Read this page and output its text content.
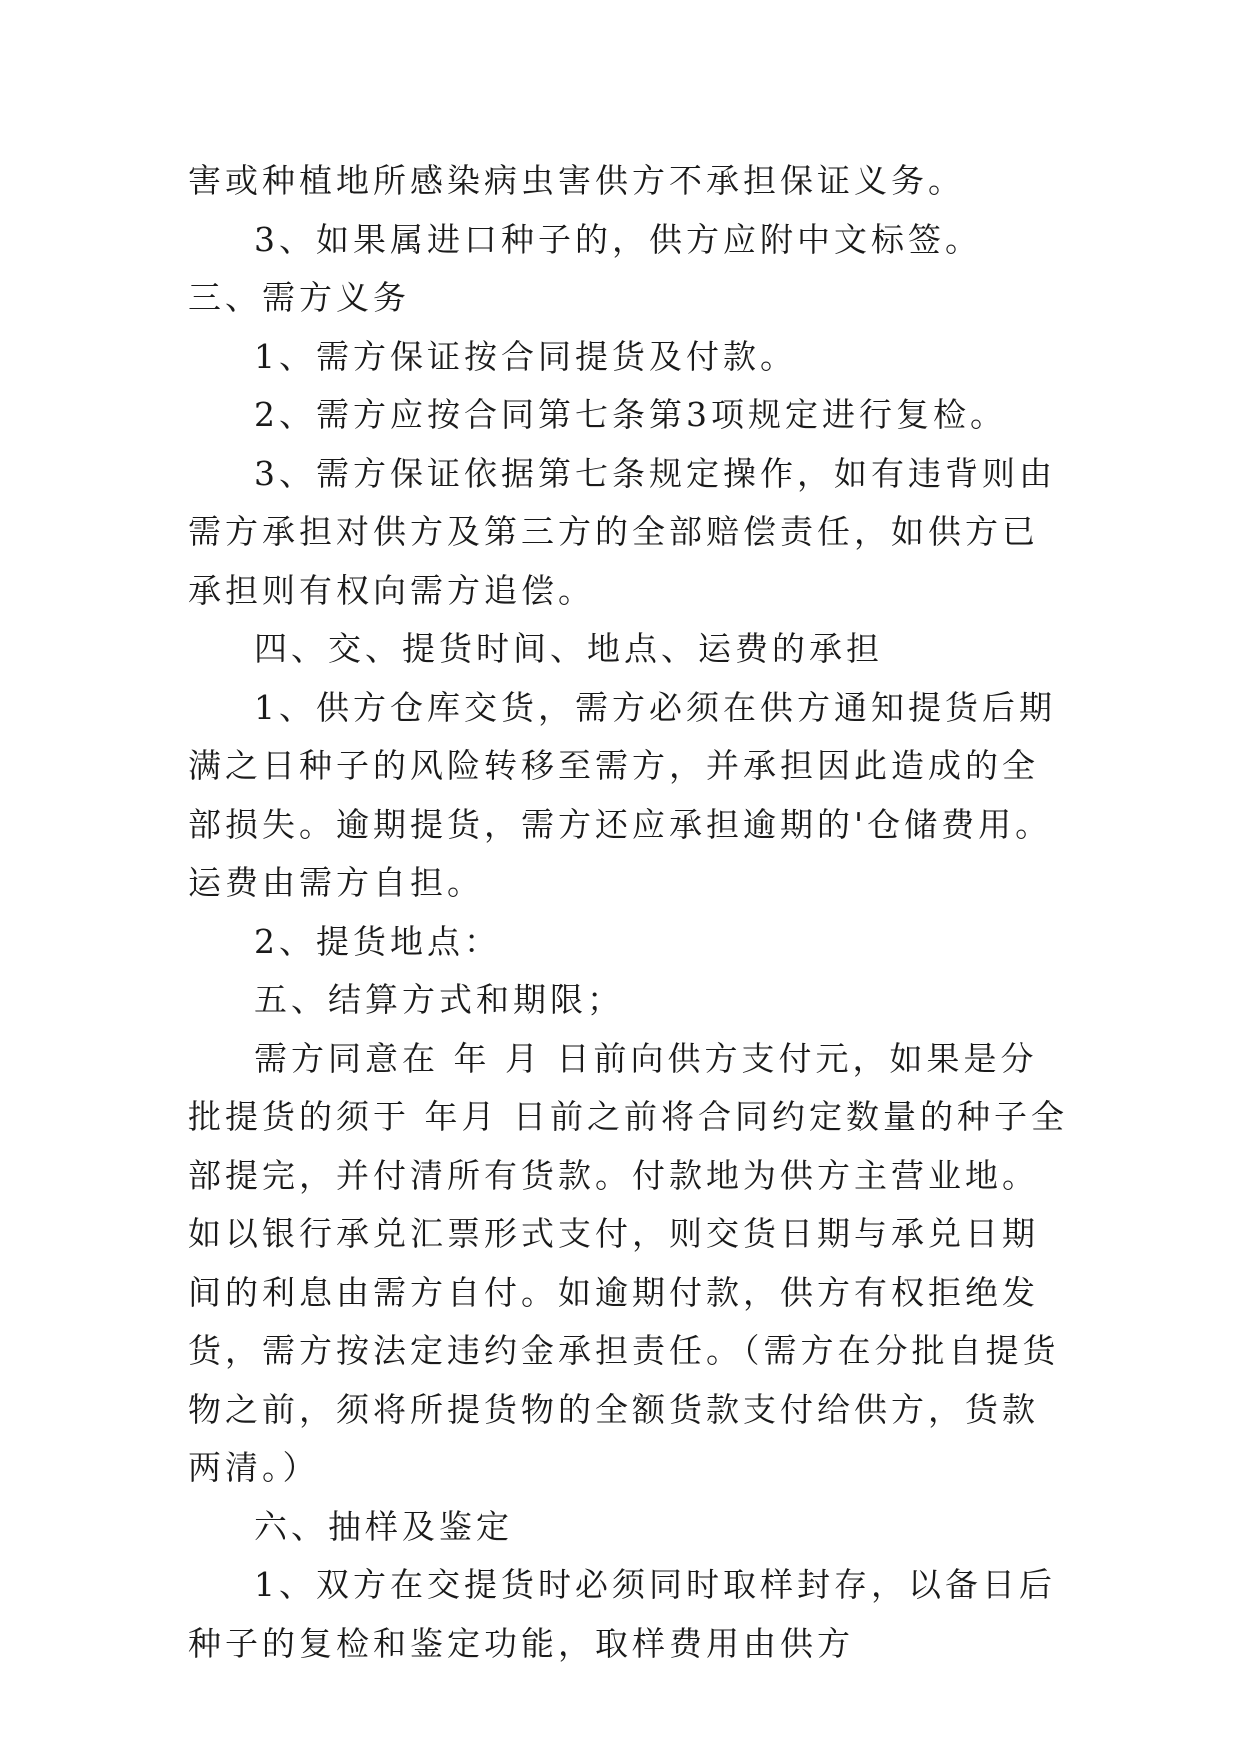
害或种植地所感染病虫害供方不承担保证义务。

3、如果属进口种子的，供方应附中文标签。 三、需方义务

1、需方保证按合同提货及付款。

2、需方应按合同第七条第3项规定进行复检。

3、需方保证依据第七条规定操作，如有违背则由需方承担对供方及第三方的全部赔偿责任，如供方已承担则有权向需方追偿。

四、交、提货时间、地点、运费的承担

1、供方仓库交货，需方必须在供方通知提货后期满之日种子的风险转移至需方，并承担因此造成的全部损失。逾期提货，需方还应承担逾期的'仓储费用。运费由需方自担。

2、提货地点：

五、结算方式和期限；

需方同意在 年 月 日前向供方支付元，如果是分批提货的须于 年月 日前之前将合同约定数量的种子全部提完，并付清所有货款。付款地为供方主营业地。如以银行承兑汇票形式支付，则交货日期与承兑日期间的利息由需方自付。如逾期付款，供方有权拒绝发货，需方按法定违约金承担责任。（需方在分批自提货物之前，须将所提货物的全额货款支付给供方，货款两清。）

六、抽样及鉴定

1、双方在交提货时必须同时取样封存，以备日后种子的复检和鉴定功能，取样费用由供方
